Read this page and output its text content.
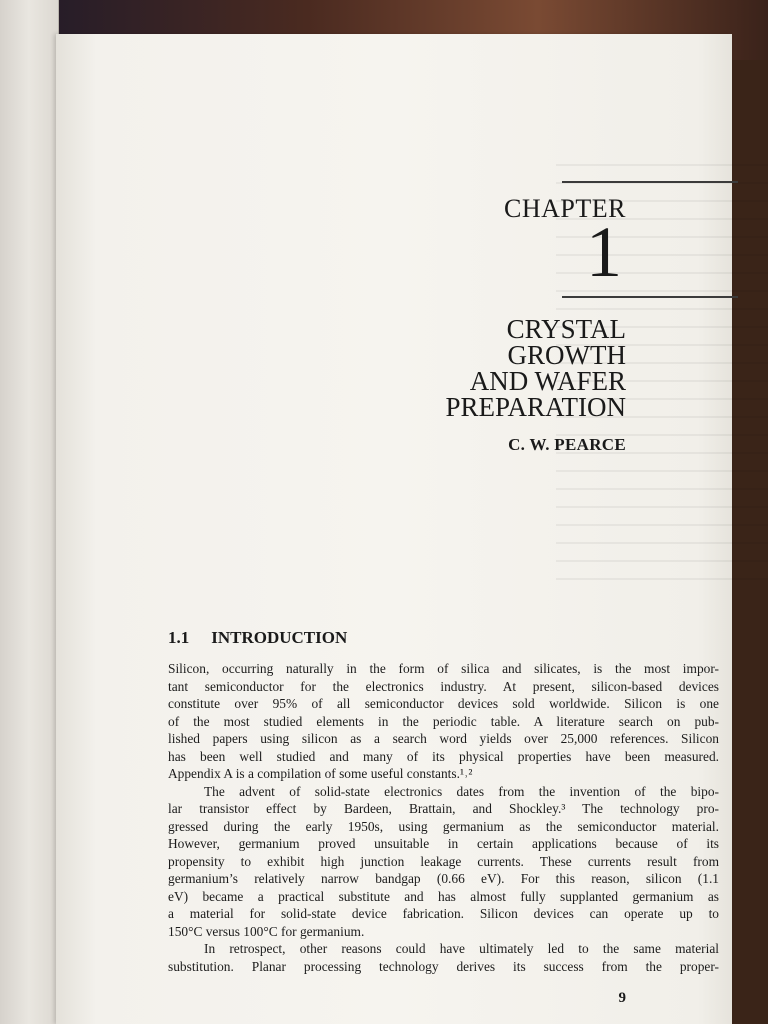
CHAPTER
1
CRYSTAL
GROWTH
AND WAFER
PREPARATION
C. W. PEARCE
1.1 INTRODUCTION
Silicon, occurring naturally in the form of silica and silicates, is the most impor-
tant semiconductor for the electronics industry. At present, silicon-based devices
constitute over 95% of all semiconductor devices sold worldwide. Silicon is one
of the most studied elements in the periodic table. A literature search on pub-
lished papers using silicon as a search word yields over 25,000 references. Silicon
has been well studied and many of its physical properties have been measured.
Appendix A is a compilation of some useful constants.¹˒²
The advent of solid-state electronics dates from the invention of the bipo-
lar transistor effect by Bardeen, Brattain, and Shockley.³ The technology pro-
gressed during the early 1950s, using germanium as the semiconductor material.
However, germanium proved unsuitable in certain applications because of its
propensity to exhibit high junction leakage currents. These currents result from
germanium’s relatively narrow bandgap (0.66 eV). For this reason, silicon (1.1
eV) became a practical substitute and has almost fully supplanted germanium as
a material for solid-state device fabrication. Silicon devices can operate up to
150°C versus 100°C for germanium.
In retrospect, other reasons could have ultimately led to the same material
substitution. Planar processing technology derives its success from the proper-
9
